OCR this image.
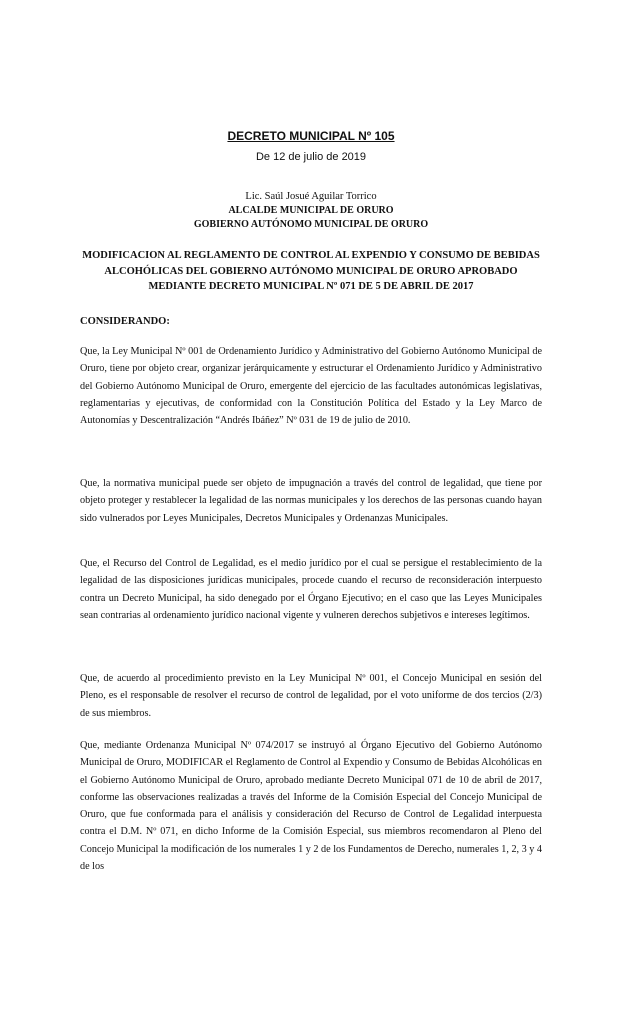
DECRETO MUNICIPAL Nº 105
De 12 de julio de 2019
Lic. Saúl Josué Aguilar Torrico
ALCALDE MUNICIPAL DE ORURO
GOBIERNO AUTÓNOMO MUNICIPAL DE ORURO
MODIFICACION AL REGLAMENTO DE CONTROL AL EXPENDIO Y CONSUMO DE BEBIDAS ALCOHÓLICAS DEL GOBIERNO AUTÓNOMO MUNICIPAL DE ORURO APROBADO MEDIANTE DECRETO MUNICIPAL Nº 071 DE 5 DE ABRIL DE 2017
CONSIDERANDO:
Que, la Ley Municipal Nº 001 de Ordenamiento Jurídico y Administrativo del Gobierno Autónomo Municipal de Oruro, tiene por objeto crear, organizar jerárquicamente y estructurar el Ordenamiento Jurídico y Administrativo del Gobierno Autónomo Municipal de Oruro, emergente del ejercicio de las facultades autonómicas legislativas, reglamentarias y ejecutivas, de conformidad con la Constitución Política del Estado y la Ley Marco de Autonomías y Descentralización “Andrés Ibáñez” Nº 031 de 19 de julio de 2010.
Que, la normativa municipal puede ser objeto de impugnación a través del control de legalidad, que tiene por objeto proteger y restablecer la legalidad de las normas municipales y los derechos de las personas cuando hayan sido vulnerados por Leyes Municipales, Decretos Municipales y Ordenanzas Municipales.
Que, el Recurso del Control de Legalidad, es el medio jurídico por el cual se persigue el restablecimiento de la legalidad de las disposiciones jurídicas municipales, procede cuando el recurso de reconsideración interpuesto contra un Decreto Municipal, ha sido denegado por el Órgano Ejecutivo; en el caso que las Leyes Municipales sean contrarias al ordenamiento jurídico nacional vigente y vulneren derechos subjetivos e intereses legítimos.
Que, de acuerdo al procedimiento previsto en la Ley Municipal Nº 001, el Concejo Municipal en sesión del Pleno, es el responsable de resolver el recurso de control de legalidad, por el voto uniforme de dos tercios (2/3) de sus miembros.
Que, mediante Ordenanza Municipal Nº 074/2017 se instruyó al Órgano Ejecutivo del Gobierno Autónomo Municipal de Oruro, MODIFICAR el Reglamento de Control al Expendio y Consumo de Bebidas Alcohólicas en el Gobierno Autónomo Municipal de Oruro, aprobado mediante Decreto Municipal 071 de 10 de abril de 2017, conforme las observaciones realizadas a través del Informe de la Comisión Especial del Concejo Municipal de Oruro, que fue conformada para el análisis y consideración del Recurso de Control de Legalidad interpuesta contra el D.M. Nº 071, en dicho Informe de la Comisión Especial, sus miembros recomendaron al Pleno del Concejo Municipal la modificación de los numerales 1 y 2 de los Fundamentos de Derecho, numerales 1, 2, 3 y 4 de los
